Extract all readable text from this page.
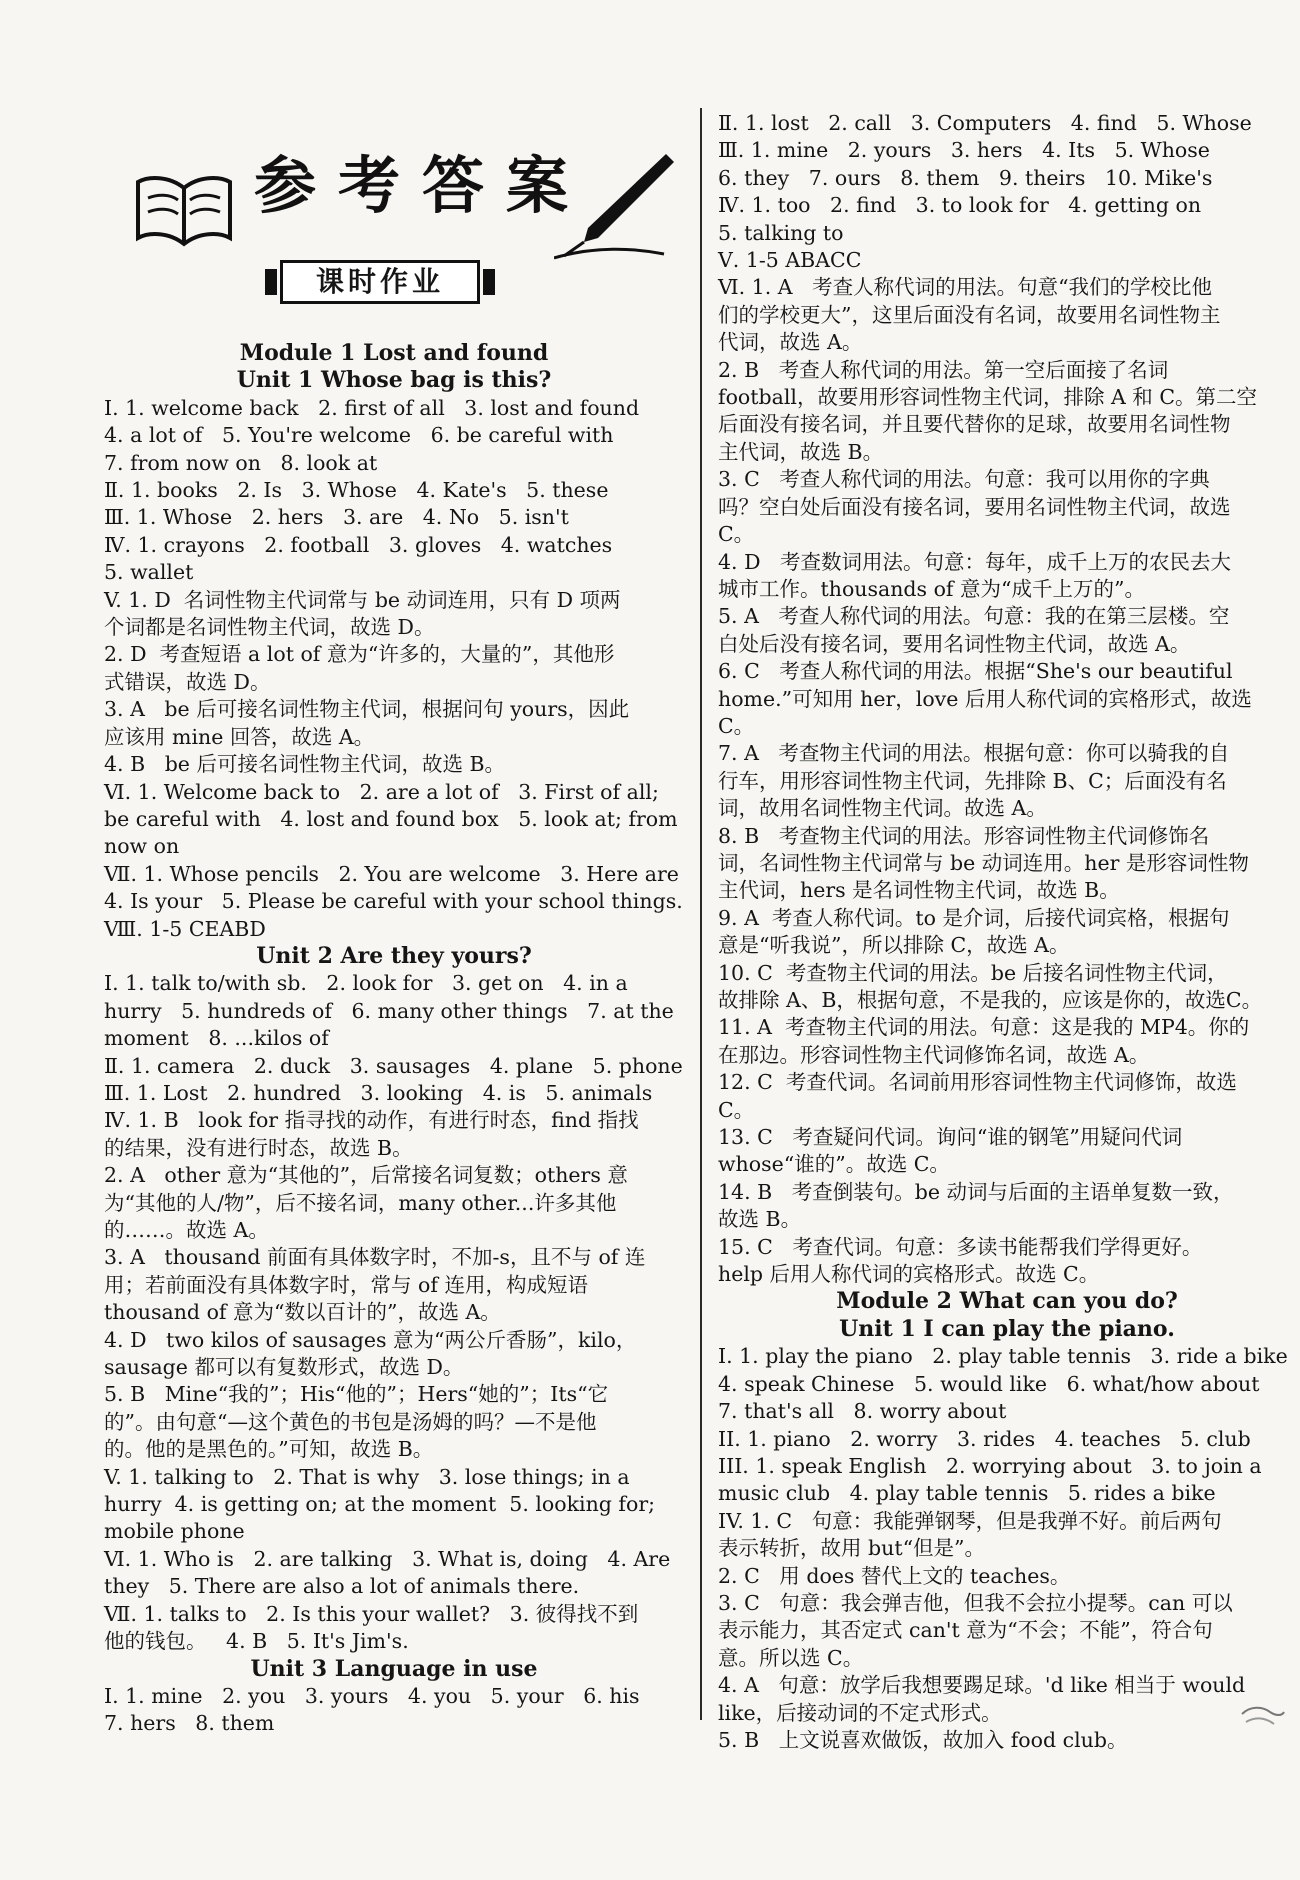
参考答案
课时作业
Module 1 Lost and found
Unit 1 Whose bag is this?
I. 1. welcome back   2. first of all   3. lost and found
4. a lot of   5. You're welcome   6. be careful with
7. from now on   8. look at
Ⅱ. 1. books   2. Is   3. Whose   4. Kate's   5. these
Ⅲ. 1. Whose   2. hers   3. are   4. No   5. isn't
Ⅳ. 1. crayons   2. football   3. gloves   4. watches
5. wallet
V. 1. D  名词性物主代词常与 be 动词连用，只有 D 项两
个词都是名词性物主代词，故选 D。
2. D  考查短语 a lot of 意为“许多的，大量的”，其他形
式错误，故选 D。
3. A   be 后可接名词性物主代词，根据问句 yours，因此
应该用 mine 回答，故选 A。
4. B   be 后可接名词性物主代词，故选 B。
Ⅵ. 1. Welcome back to   2. are a lot of   3. First of all;
be careful with   4. lost and found box   5. look at; from
now on
Ⅶ. 1. Whose pencils   2. You are welcome   3. Here are
4. Is your   5. Please be careful with your school things.
Ⅷ. 1-5 CEABD
Unit 2 Are they yours?
I. 1. talk to/with sb.   2. look for   3. get on   4. in a
hurry   5. hundreds of   6. many other things   7. at the
moment   8. ...kilos of
Ⅱ. 1. camera   2. duck   3. sausages   4. plane   5. phone
Ⅲ. 1. Lost   2. hundred   3. looking   4. is   5. animals
Ⅳ. 1. B   look for 指寻找的动作，有进行时态，find 指找
的结果，没有进行时态，故选 B。
2. A   other 意为“其他的”，后常接名词复数；others 意
为“其他的人/物”，后不接名词，many other...许多其他
的……。故选 A。
3. A   thousand 前面有具体数字时，不加-s，且不与 of 连
用；若前面没有具体数字时，常与 of 连用，构成短语
thousand of 意为“数以百计的”，故选 A。
4. D   two kilos of sausages 意为“两公斤香肠”，kilo，
sausage 都可以有复数形式，故选 D。
5. B   Mine“我的”；His“他的”；Hers“她的”；Its“它
的”。由句意“—这个黄色的书包是汤姆的吗？—不是他
的。他的是黑色的。”可知，故选 B。
V. 1. talking to   2. That is why   3. lose things; in a
hurry  4. is getting on; at the moment  5. looking for;
mobile phone
Ⅵ. 1. Who is   2. are talking   3. What is, doing   4. Are
they   5. There are also a lot of animals there.
Ⅶ. 1. talks to   2. Is this your wallet?   3. 彼得找不到
他的钱包。   4. B   5. It's Jim's.
Unit 3 Language in use
I. 1. mine   2. you   3. yours   4. you   5. your   6. his
7. hers   8. them
Ⅱ. 1. lost   2. call   3. Computers   4. find   5. Whose
Ⅲ. 1. mine   2. yours   3. hers   4. Its   5. Whose
6. they   7. ours   8. them   9. theirs   10. Mike's
Ⅳ. 1. too   2. find   3. to look for   4. getting on
5. talking to
Ⅴ. 1-5 ABACC
Ⅵ. 1. A   考查人称代词的用法。句意“我们的学校比他
们的学校更大”，这里后面没有名词，故要用名词性物主
代词，故选 A。
2. B   考查人称代词的用法。第一空后面接了名词
football，故要用形容词性物主代词，排除 A 和 C。第二空
后面没有接名词，并且要代替你的足球，故要用名词性物
主代词，故选 B。
3. C   考查人称代词的用法。句意：我可以用你的字典
吗？空白处后面没有接名词，要用名词性物主代词，故选
C。
4. D   考查数词用法。句意：每年，成千上万的农民去大
城市工作。thousands of 意为“成千上万的”。
5. A   考查人称代词的用法。句意：我的在第三层楼。空
白处后没有接名词，要用名词性物主代词，故选 A。
6. C   考查人称代词的用法。根据“She's our beautiful
home.”可知用 her，love 后用人称代词的宾格形式，故选
C。
7. A   考查物主代词的用法。根据句意：你可以骑我的自
行车，用形容词性物主代词，先排除 B、C；后面没有名
词，故用名词性物主代词。故选 A。
8. B   考查物主代词的用法。形容词性物主代词修饰名
词，名词性物主代词常与 be 动词连用。her 是形容词性物
主代词，hers 是名词性物主代词，故选 B。
9. A  考查人称代词。to 是介词，后接代词宾格，根据句
意是“听我说”，所以排除 C，故选 A。
10. C  考查物主代词的用法。be 后接名词性物主代词，
故排除 A、B，根据句意，不是我的，应该是你的，故选C。
11. A  考查物主代词的用法。句意：这是我的 MP4。你的
在那边。形容词性物主代词修饰名词，故选 A。
12. C  考查代词。名词前用形容词性物主代词修饰，故选
C。
13. C   考查疑问代词。询问“谁的钢笔”用疑问代词
whose“谁的”。故选 C。
14. B   考查倒装句。be 动词与后面的主语单复数一致，
故选 B。
15. C   考查代词。句意：多读书能帮我们学得更好。
help 后用人称代词的宾格形式。故选 C。
Module 2 What can you do?
Unit 1 I can play the piano.
I. 1. play the piano   2. play table tennis   3. ride a bike
4. speak Chinese   5. would like   6. what/how about
7. that's all   8. worry about
II. 1. piano   2. worry   3. rides   4. teaches   5. club
III. 1. speak English   2. worrying about   3. to join a
music club   4. play table tennis   5. rides a bike
IV. 1. C   句意：我能弹钢琴，但是我弹不好。前后两句
表示转折，故用 but“但是”。
2. C   用 does 替代上文的 teaches。
3. C   句意：我会弹吉他，但我不会拉小提琴。can 可以
表示能力，其否定式 can't 意为“不会；不能”，符合句
意。所以选 C。
4. A   句意：放学后我想要踢足球。'd like 相当于 would
like，后接动词的不定式形式。
5. B   上文说喜欢做饭，故加入 food club。
